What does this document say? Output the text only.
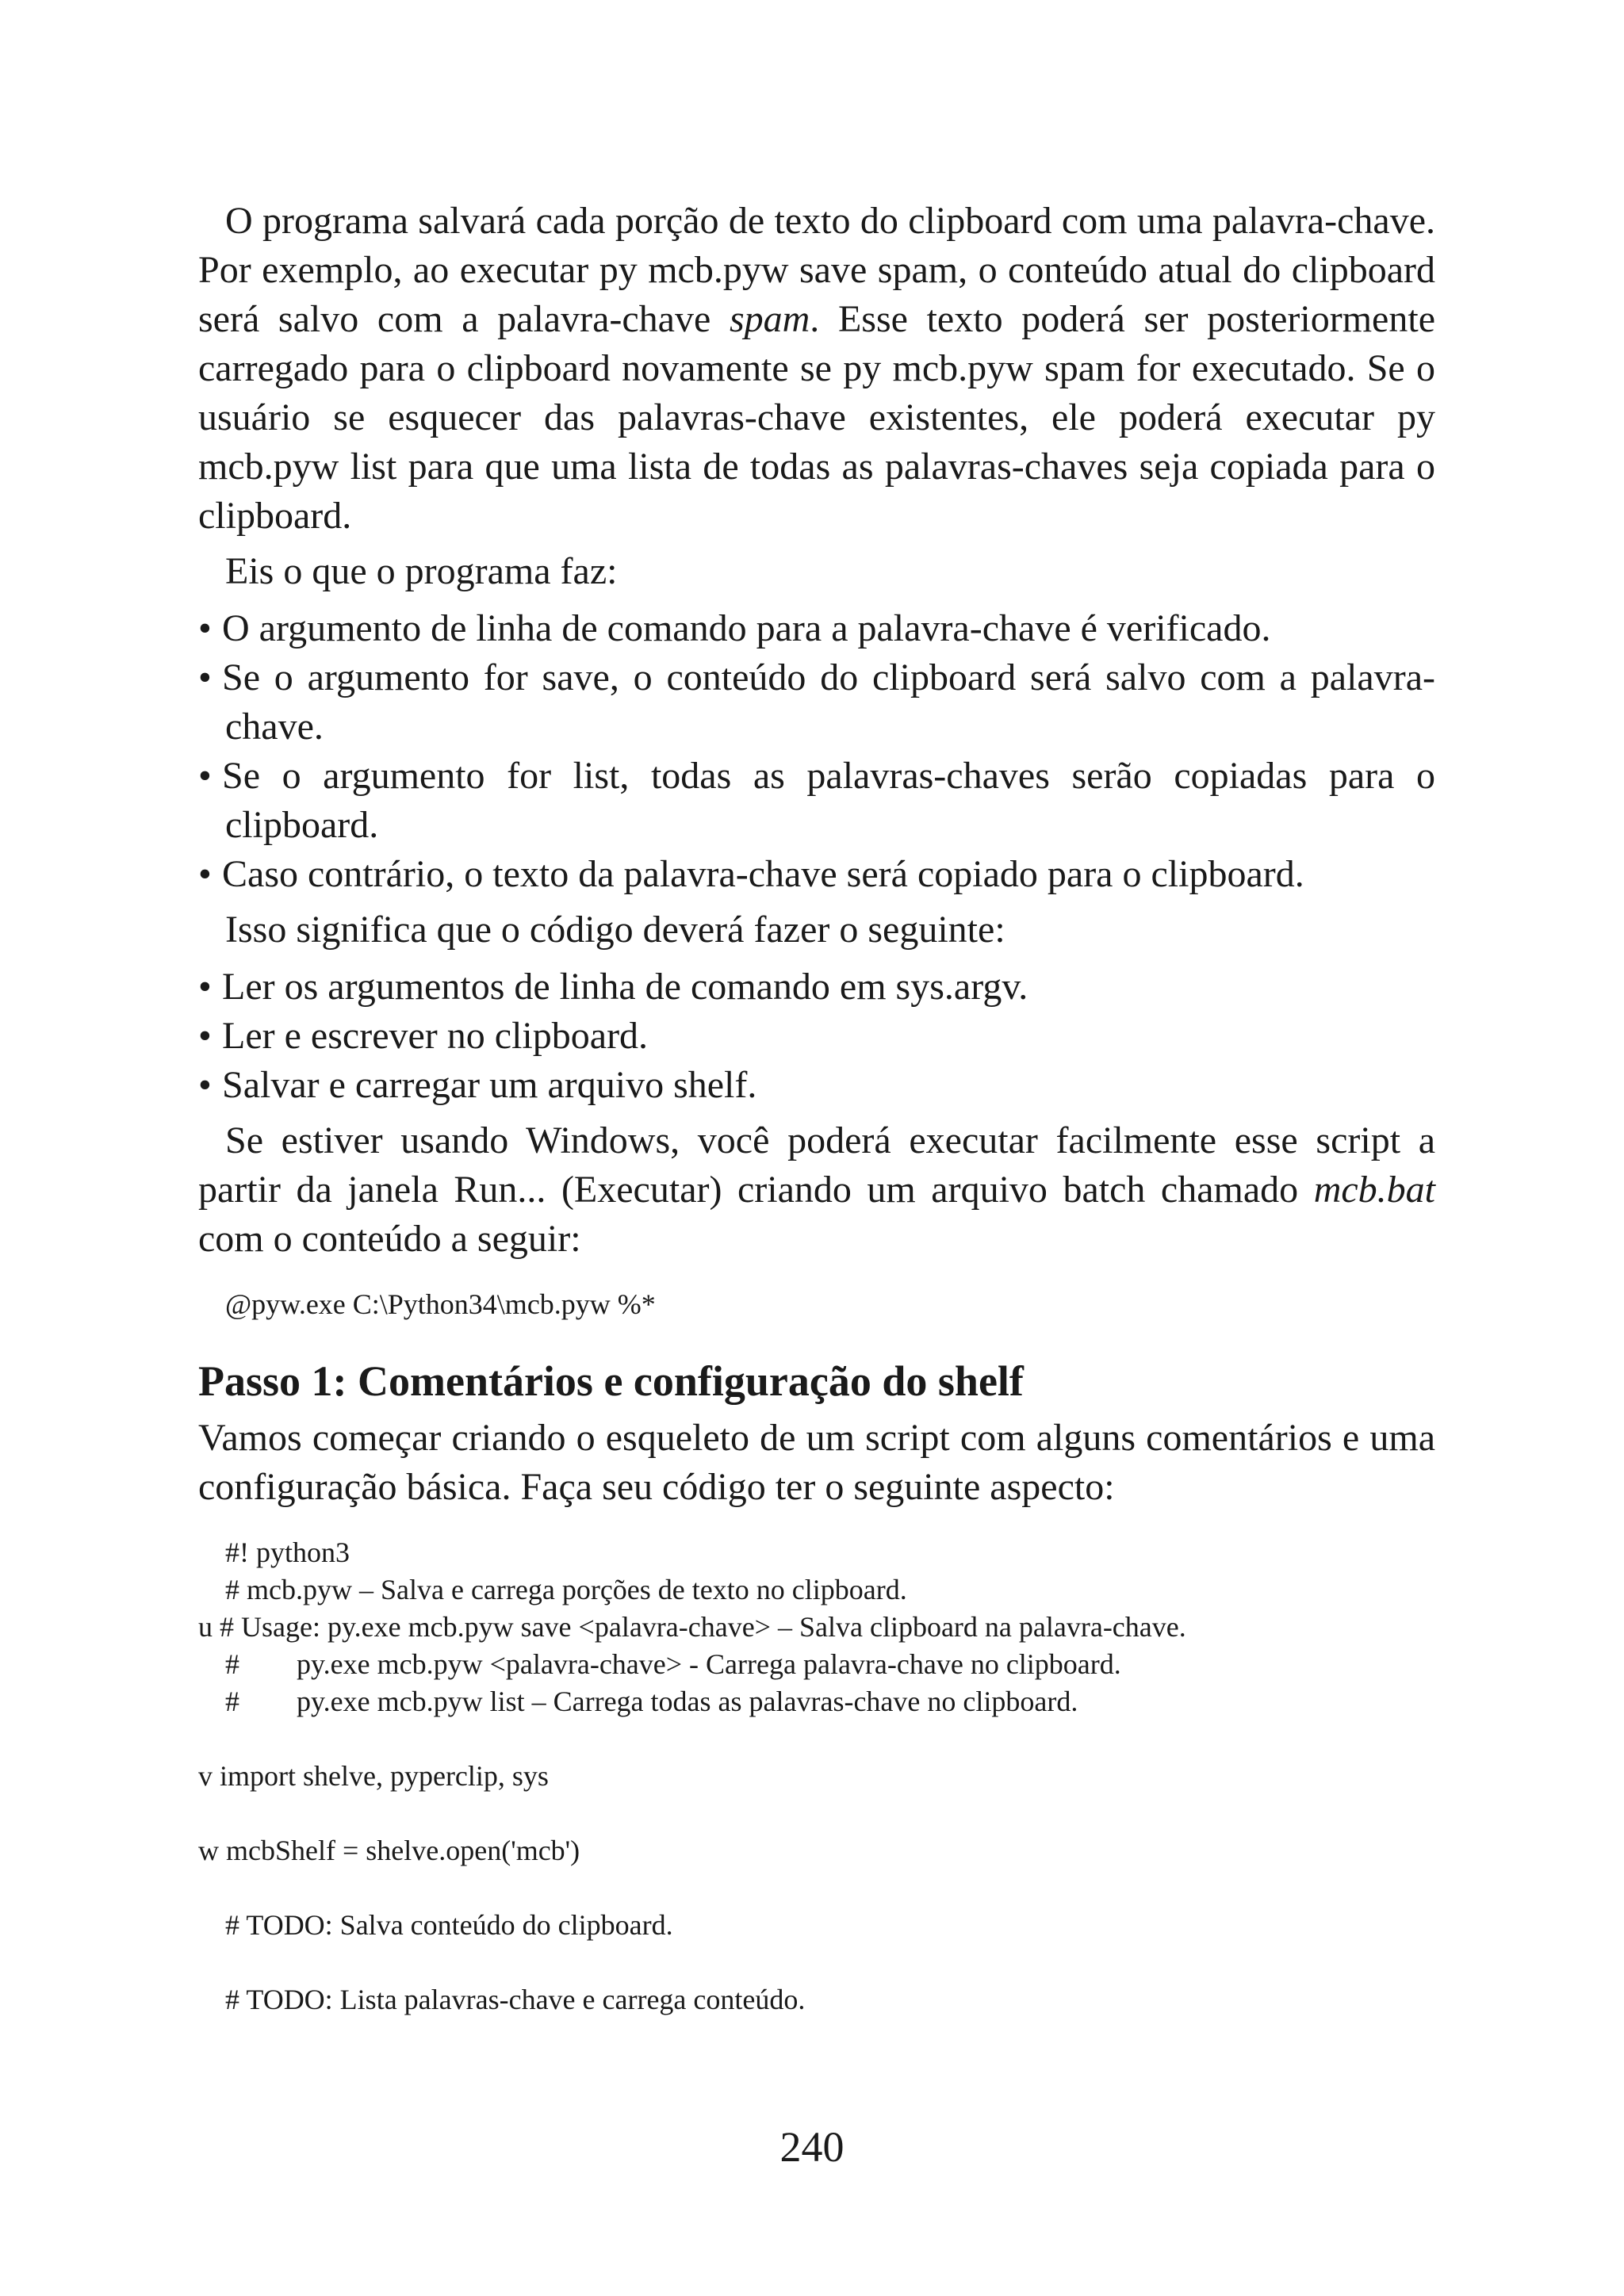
O programa salvará cada porção de texto do clipboard com uma palavra-chave. Por exemplo, ao executar py mcb.pyw save spam, o conteúdo atual do clipboard será salvo com a palavra-chave spam. Esse texto poderá ser posteriormente carregado para o clipboard novamente se py mcb.pyw spam for executado. Se o usuário se esquecer das palavras-chave existentes, ele poderá executar py mcb.pyw list para que uma lista de todas as palavras-chaves seja copiada para o clipboard.

Eis o que o programa faz:

• O argumento de linha de comando para a palavra-chave é verificado.

• Se o argumento for save, o conteúdo do clipboard será salvo com a palavra-chave.

• Se o argumento for list, todas as palavras-chaves serão copiadas para o clipboard.

• Caso contrário, o texto da palavra-chave será copiado para o clipboard.

Isso significa que o código deverá fazer o seguinte:

• Ler os argumentos de linha de comando em sys.argv.

• Ler e escrever no clipboard.

• Salvar e carregar um arquivo shelf.

Se estiver usando Windows, você poderá executar facilmente esse script a partir da janela Run... (Executar) criando um arquivo batch chamado mcb.bat com o conteúdo a seguir:

@pyw.exe C:\Python34\mcb.pyw %*

Passo 1: Comentários e configuração do shelf

Vamos começar criando o esqueleto de um script com alguns comentários e uma configuração básica. Faça seu código ter o seguinte aspecto:

#! python3

# mcb.pyw – Salva e carrega porções de texto no clipboard.

u # Usage: py.exe mcb.pyw save <palavra-chave> – Salva clipboard na palavra-chave.

#        py.exe mcb.pyw <palavra-chave> - Carrega palavra-chave no clipboard.

#        py.exe mcb.pyw list – Carrega todas as palavras-chave no clipboard.

v import shelve, pyperclip, sys

w mcbShelf = shelve.open('mcb')

# TODO: Salva conteúdo do clipboard.

# TODO: Lista palavras-chave e carrega conteúdo.

240
